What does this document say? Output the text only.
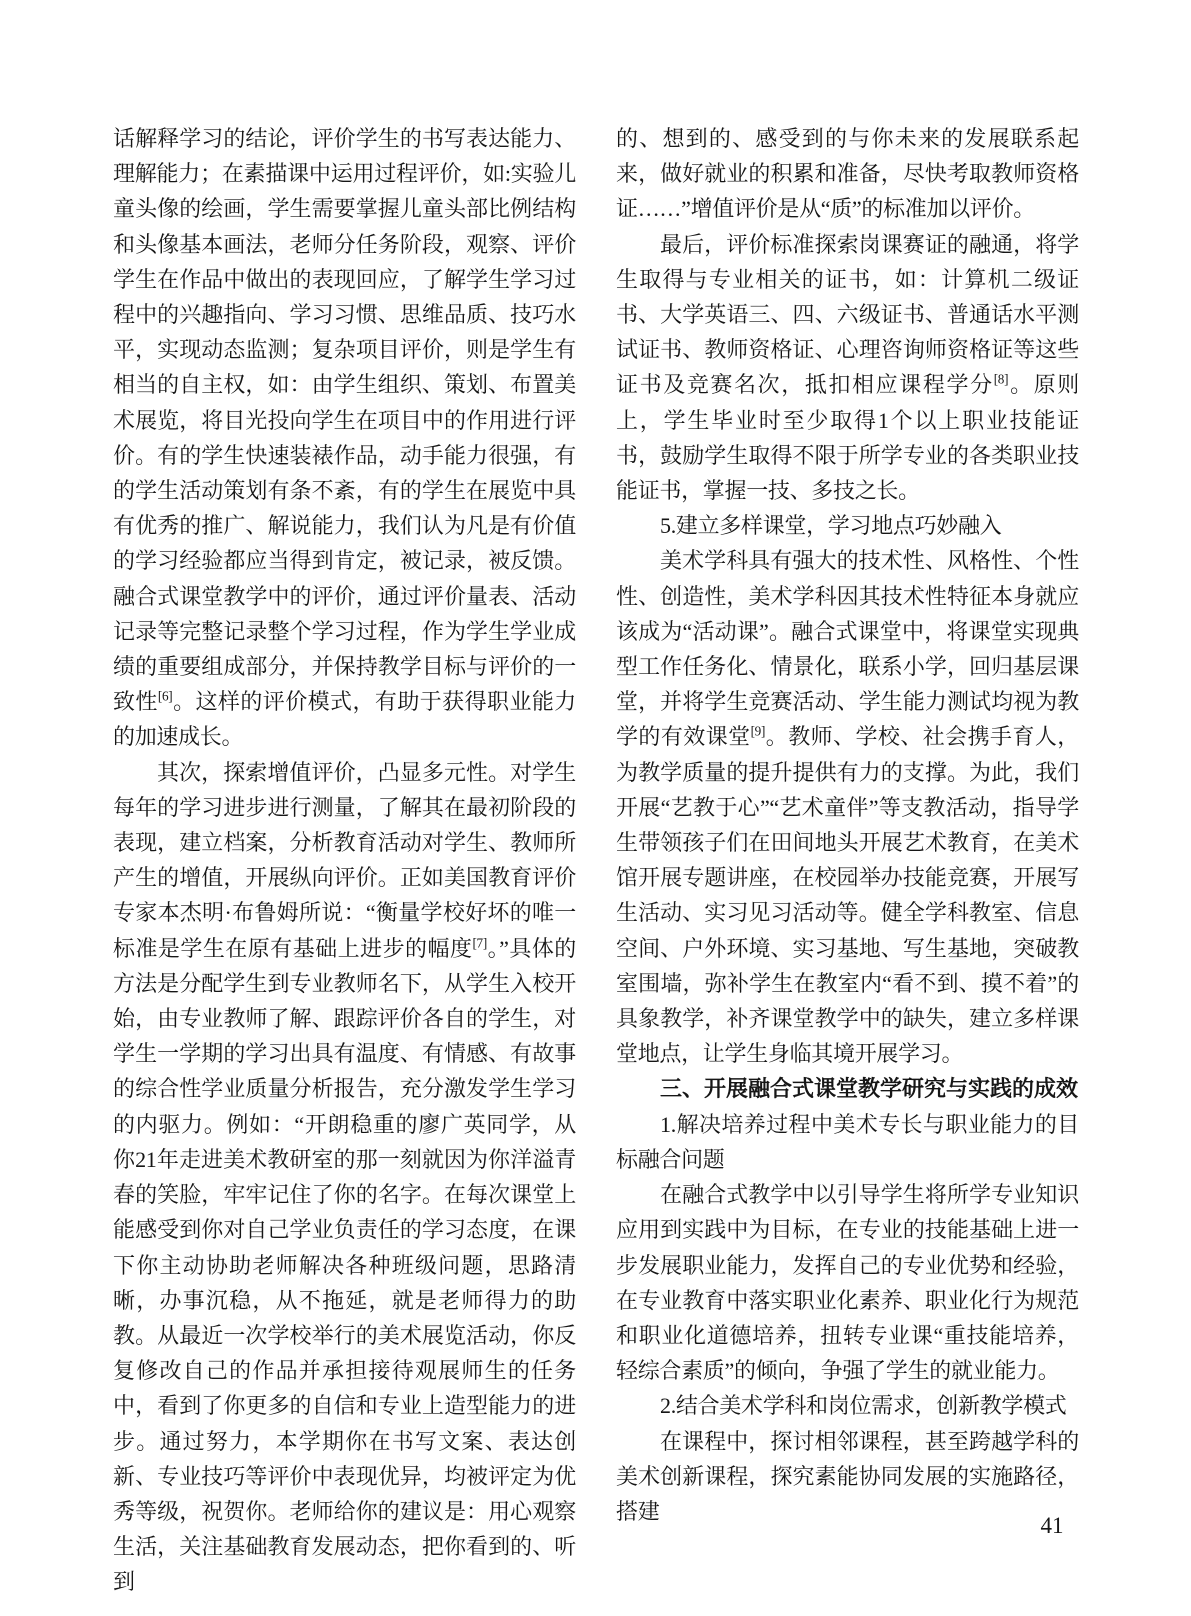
话解释学习的结论，评价学生的书写表达能力、理解能力；在素描课中运用过程评价，如:实验儿童头像的绘画，学生需要掌握儿童头部比例结构和头像基本画法，老师分任务阶段，观察、评价学生在作品中做出的表现回应，了解学生学习过程中的兴趣指向、学习习惯、思维品质、技巧水平，实现动态监测；复杂项目评价，则是学生有相当的自主权，如：由学生组织、策划、布置美术展览，将目光投向学生在项目中的作用进行评价。有的学生快速装裱作品，动手能力很强，有的学生活动策划有条不紊，有的学生在展览中具有优秀的推广、解说能力，我们认为凡是有价值的学习经验都应当得到肯定，被记录，被反馈。融合式课堂教学中的评价，通过评价量表、活动记录等完整记录整个学习过程，作为学生学业成绩的重要组成部分，并保持教学目标与评价的一致性[6]。这样的评价模式，有助于获得职业能力的加速成长。

其次，探索增值评价，凸显多元性。对学生每年的学习进步进行测量，了解其在最初阶段的表现，建立档案，分析教育活动对学生、教师所产生的增值，开展纵向评价。正如美国教育评价专家本杰明·布鲁姆所说：“衡量学校好坏的唯一标准是学生在原有基础上进步的幅度[7]。”具体的方法是分配学生到专业教师名下，从学生入校开始，由专业教师了解、跟踪评价各自的学生，对学生一学期的学习出具有温度、有情感、有故事的综合性学业质量分析报告，充分激发学生学习的内驱力。例如：“开朗稳重的廖广英同学，从你21年走进美术教研室的那一刻就因为你洋溢青春的笑脸，牢牢记住了你的名字。在每次课堂上能感受到你对自己学业负责任的学习态度，在课下你主动协助老师解决各种班级问题，思路清晰，办事沉稳，从不拖延，就是老师得力的助教。从最近一次学校举行的美术展览活动，你反复修改自己的作品并承担接待观展师生的任务中，看到了你更多的自信和专业上造型能力的进步。通过努力，本学期你在书写文案、表达创新、专业技巧等评价中表现优异，均被评定为优秀等级，祝贺你。老师给你的建议是：用心观察生活，关注基础教育发展动态，把你看到的、听到

的、想到的、感受到的与你未来的发展联系起来，做好就业的积累和准备，尽快考取教师资格证……”增值评价是从“质”的标准加以评价。

最后，评价标准探索岗课赛证的融通，将学生取得与专业相关的证书，如：计算机二级证书、大学英语三、四、六级证书、普通话水平测试证书、教师资格证、心理咨询师资格证等这些证书及竞赛名次，抵扣相应课程学分[8]。原则上，学生毕业时至少取得1个以上职业技能证书，鼓励学生取得不限于所学专业的各类职业技能证书，掌握一技、多技之长。

5.建立多样课堂，学习地点巧妙融入

美术学科具有强大的技术性、风格性、个性性、创造性，美术学科因其技术性特征本身就应该成为“活动课”。融合式课堂中，将课堂实现典型工作任务化、情景化，联系小学，回归基层课堂，并将学生竞赛活动、学生能力测试均视为教学的有效课堂[9]。教师、学校、社会携手育人，为教学质量的提升提供有力的支撑。为此，我们开展“艺教于心”“艺术童伴”等支教活动，指导学生带领孩子们在田间地头开展艺术教育，在美术馆开展专题讲座，在校园举办技能竞赛，开展写生活动、实习见习活动等。健全学科教室、信息空间、户外环境、实习基地、写生基地，突破教室围墙，弥补学生在教室内“看不到、摸不着”的具象教学，补齐课堂教学中的缺失，建立多样课堂地点，让学生身临其境开展学习。

三、开展融合式课堂教学研究与实践的成效

1.解决培养过程中美术专长与职业能力的目标融合问题

在融合式教学中以引导学生将所学专业知识应用到实践中为目标，在专业的技能基础上进一步发展职业能力，发挥自己的专业优势和经验，在专业教育中落实职业化素养、职业化行为规范和职业化道德培养，扭转专业课“重技能培养，轻综合素质”的倾向，争强了学生的就业能力。

2.结合美术学科和岗位需求，创新教学模式

在课程中，探讨相邻课程，甚至跨越学科的美术创新课程，探究素能协同发展的实施路径，搭建

41
